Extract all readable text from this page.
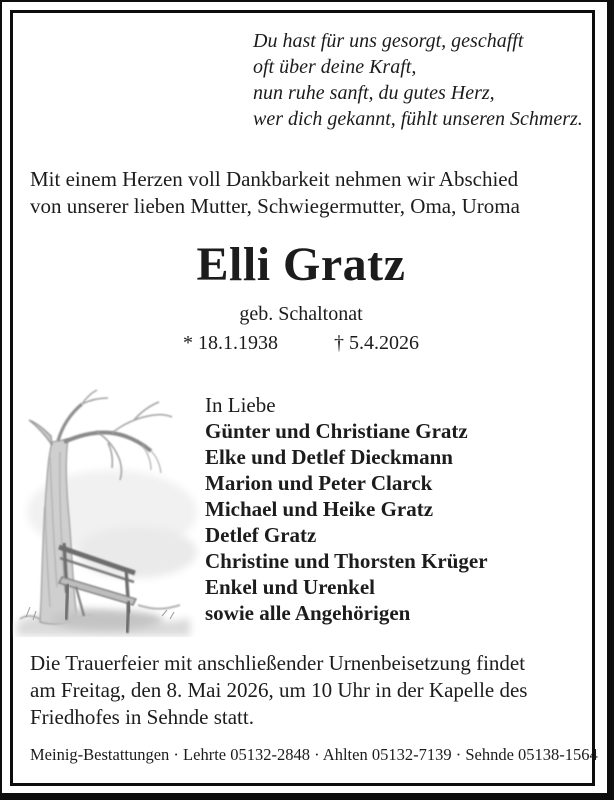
Du hast für uns gesorgt, geschafft
oft über deine Kraft,
nun ruhe sanft, du gutes Herz,
wer dich gekannt, fühlt unseren Schmerz.
Mit einem Herzen voll Dankbarkeit nehmen wir Abschied
von unserer lieben Mutter, Schwiegermutter, Oma, Uroma
Elli Gratz
geb. Schaltonat
* 18.1.1938	† 5.4.2026
In Liebe
Günter und Christiane Gratz
Elke und Detlef Dieckmann
Marion und Peter Clarck
Michael und Heike Gratz
Detlef Gratz
Christine und Thorsten Krüger
Enkel und Urenkel
sowie alle Angehörigen
Die Trauerfeier mit anschließender Urnenbeisetzung findet
am Freitag, den 8. Mai 2026, um 10 Uhr in der Kapelle des
Friedhofes in Sehnde statt.
Meinig-Bestattungen · Lehrte 05132-2848 · Ahlten 05132-7139 · Sehnde 05138-1564
